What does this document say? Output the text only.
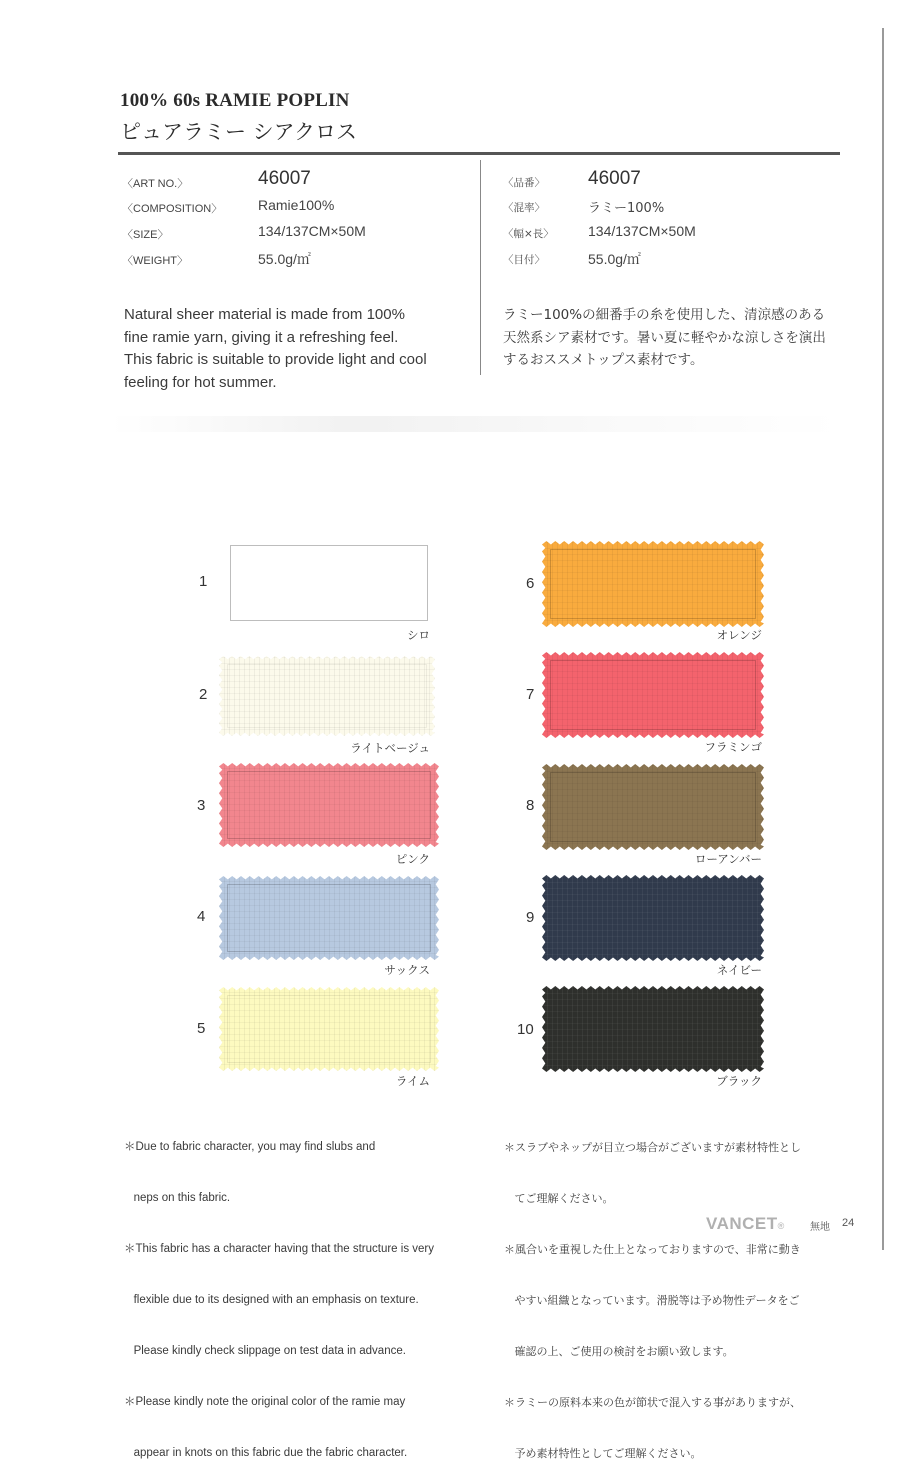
100% 60s RAMIE POPLIN
ピュアラミー シアクロス
〈ART NO.〉	46007
〈COMPOSITION〉	Ramie100%
〈SIZE〉	134/137CM×50M
〈WEIGHT〉	55.0g/㎡
〈品番〉 46007
〈混率〉	ラミー100%
〈幅×長〉 134/137CM×50M
〈目付〉	55.0g/㎡
Natural sheer material is made from 100%
fine ramie yarn, giving it a refreshing feel.
This fabric is suitable to provide light and cool
feeling for hot summer.
ラミー100%の細番手の糸を使用した、清涼感のある
天然系シア素材です。暑い夏に軽やかな涼しさを演出
するおススメトップス素材です。
1
シロ
2
ライトベージュ
3
ピンク
4
サックス
5
ライム
6
オレンジ
7
フラミンゴ
8
ローアンバー
9
ネイビー
10
ブラック

＊Due to fabric character, you may find slubs and

neps on this fabric.

＊This fabric has a character having that the structure is very

flexible due to its designed with an emphasis on texture.

Please kindly check slippage on test data in advance.

＊Please kindly note the original color of the ramie may

appear in knots on this fabric due the fabric character.

＊スラブやネップが目立つ場合がございますが素材特性とし

てご理解ください。

＊風合いを重視した仕上となっておりますので、非常に動き

やすい組織となっています。滑脱等は予め物性データをご

確認の上、ご使用の検討をお願い致します。

＊ラミーの原料本来の色が節状で混入する事がありますが、

予め素材特性としてご理解ください。

VANCET®	無地 24
